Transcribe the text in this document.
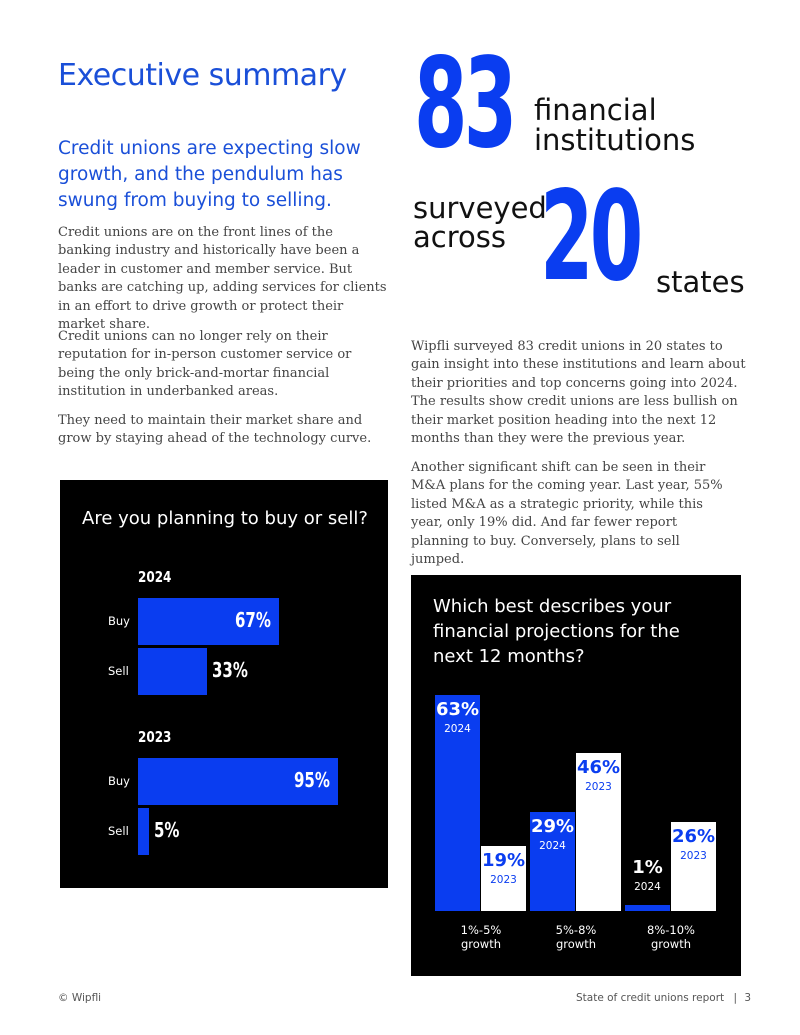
Executive summary

Credit unions are expecting slow growth, and the pendulum has swung from buying to selling.

Credit unions are on the front lines of the banking industry and historically have been a leader in customer and member service. But banks are catching up, adding services for clients in an effort to drive growth or protect their market share.

Credit unions can no longer rely on their reputation for in-person customer service or being the only brick-and-mortar financial institution in underbanked areas.

They need to maintain their market share and grow by staying ahead of the technology curve.

83 financial
institutions
surveyed
across 20 states

Wipfli surveyed 83 credit unions in 20 states to gain insight into these institutions and learn about their priorities and top concerns going into 2024. The results show credit unions are less bullish on their market position heading into the next 12 months than they were the previous year.

Another significant shift can be seen in their M&A plans for the coming year. Last year, 55% listed M&A as a strategic priority, while this year, only 19% did. And far fewer report planning to buy. Conversely, plans to sell jumped.

Are you planning to buy or sell?
2024
Buy	67%
Sell	33%
2023
Buy	95%
Sell 5%
Which best describes your financial projections for the next 12 months?
63%
2024
19%
2023
1%-5%
growth
29%
2024
46%
2023
5%-8%
growth
1%
2024
26%
2023
8%-10%
growth
© Wipfli	State of credit unions report | 3
